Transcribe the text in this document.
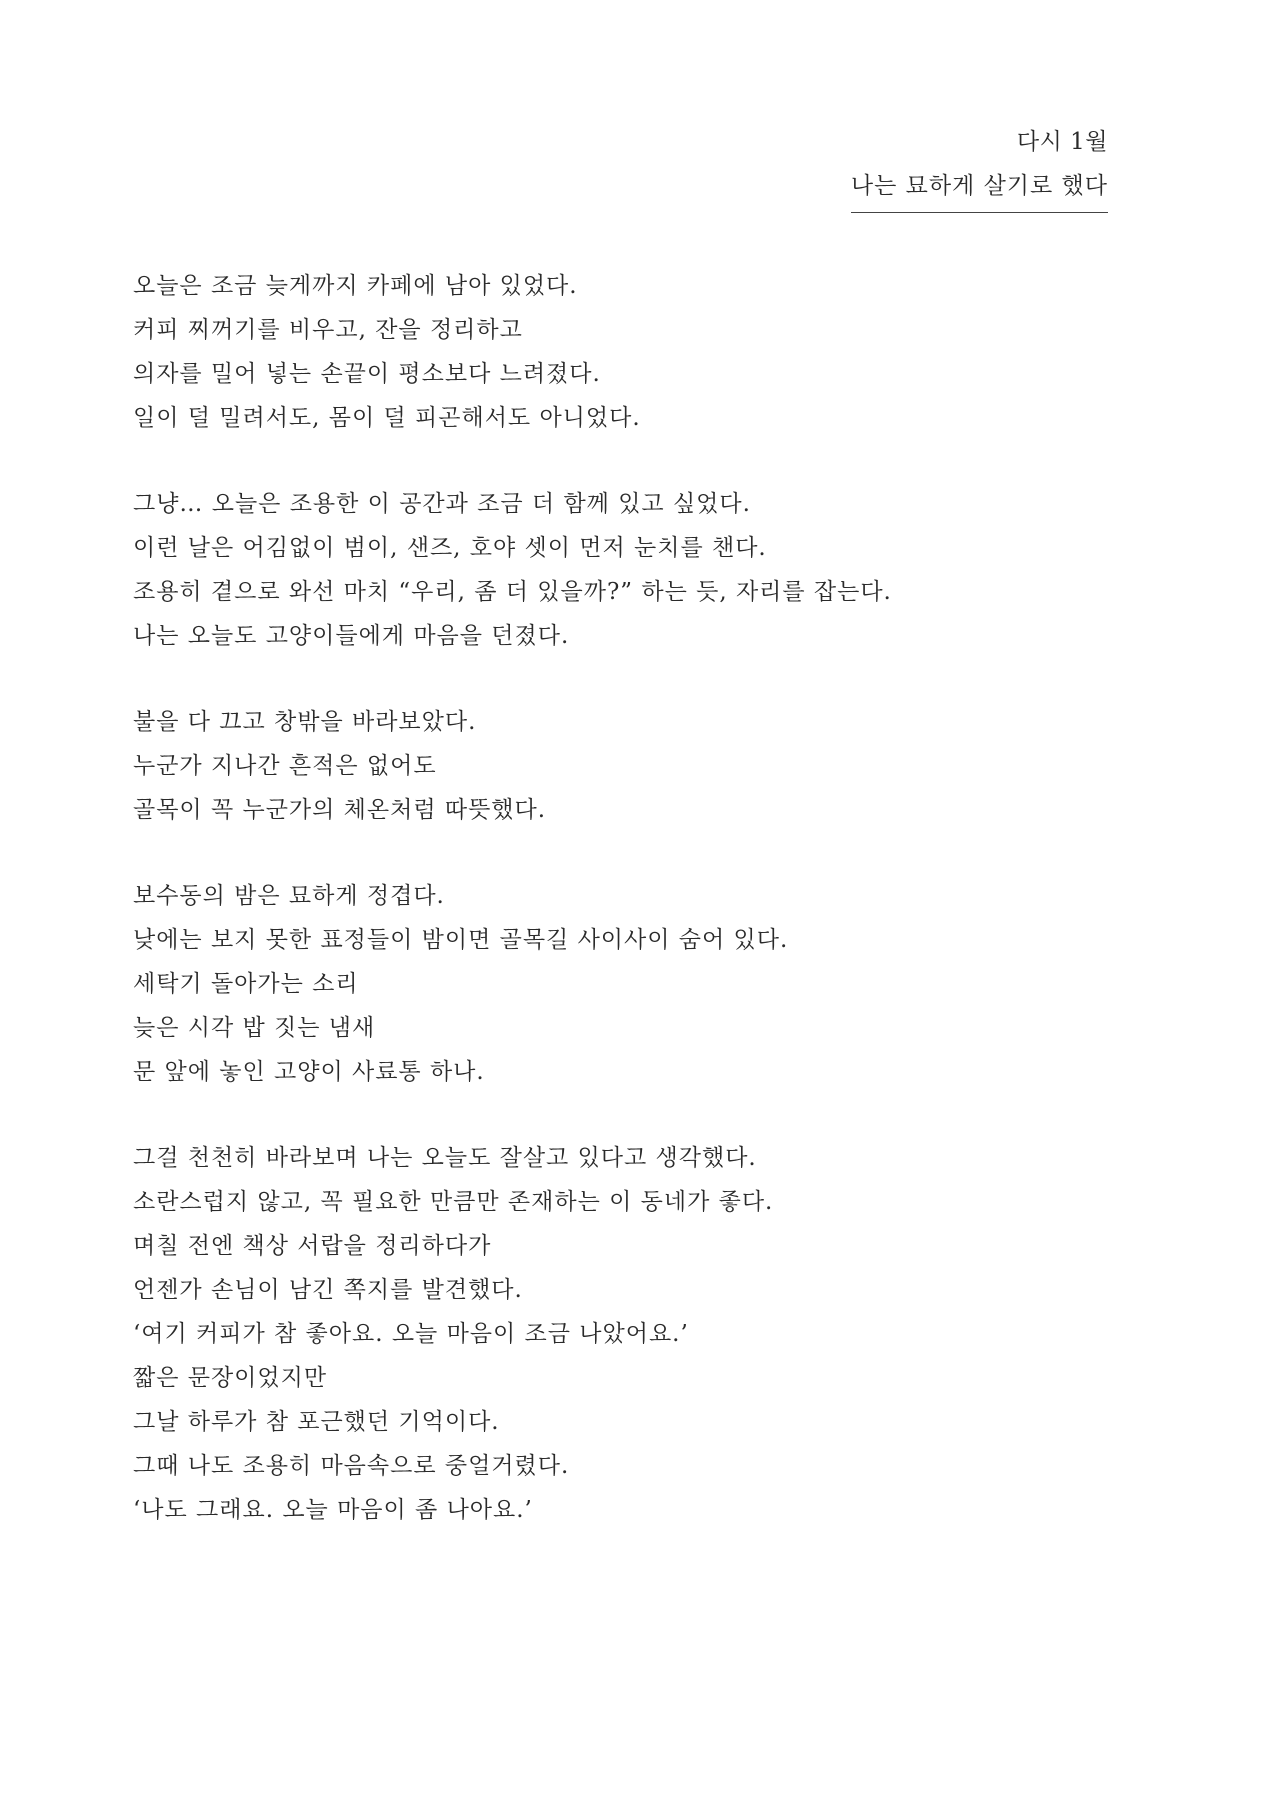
다시 1월
나는 묘하게 살기로 했다
오늘은 조금 늦게까지 카페에 남아 있었다.
커피 찌꺼기를 비우고, 잔을 정리하고
의자를 밀어 넣는 손끝이 평소보다 느려졌다.
일이 덜 밀려서도, 몸이 덜 피곤해서도 아니었다.
그냥… 오늘은 조용한 이 공간과 조금 더 함께 있고 싶었다.
이런 날은 어김없이 범이, 샌즈, 호야 셋이 먼저 눈치를 챈다.
조용히 곁으로 와선 마치 “우리, 좀 더 있을까?” 하는 듯, 자리를 잡는다.
나는 오늘도 고양이들에게 마음을 던졌다.
불을 다 끄고 창밖을 바라보았다.
누군가 지나간 흔적은 없어도
골목이 꼭 누군가의 체온처럼 따뜻했다.
보수동의 밤은 묘하게 정겹다.
낮에는 보지 못한 표정들이 밤이면 골목길 사이사이 숨어 있다.
세탁기 돌아가는 소리
늦은 시각 밥 짓는 냄새
문 앞에 놓인 고양이 사료통 하나.
그걸 천천히 바라보며 나는 오늘도 잘살고 있다고 생각했다.
소란스럽지 않고, 꼭 필요한 만큼만 존재하는 이 동네가 좋다.
며칠 전엔 책상 서랍을 정리하다가
언젠가 손님이 남긴 쪽지를 발견했다.
‘여기 커피가 참 좋아요. 오늘 마음이 조금 나았어요.’
짧은 문장이었지만
그날 하루가 참 포근했던 기억이다.
그때 나도 조용히 마음속으로 중얼거렸다.
‘나도 그래요. 오늘 마음이 좀 나아요.’
